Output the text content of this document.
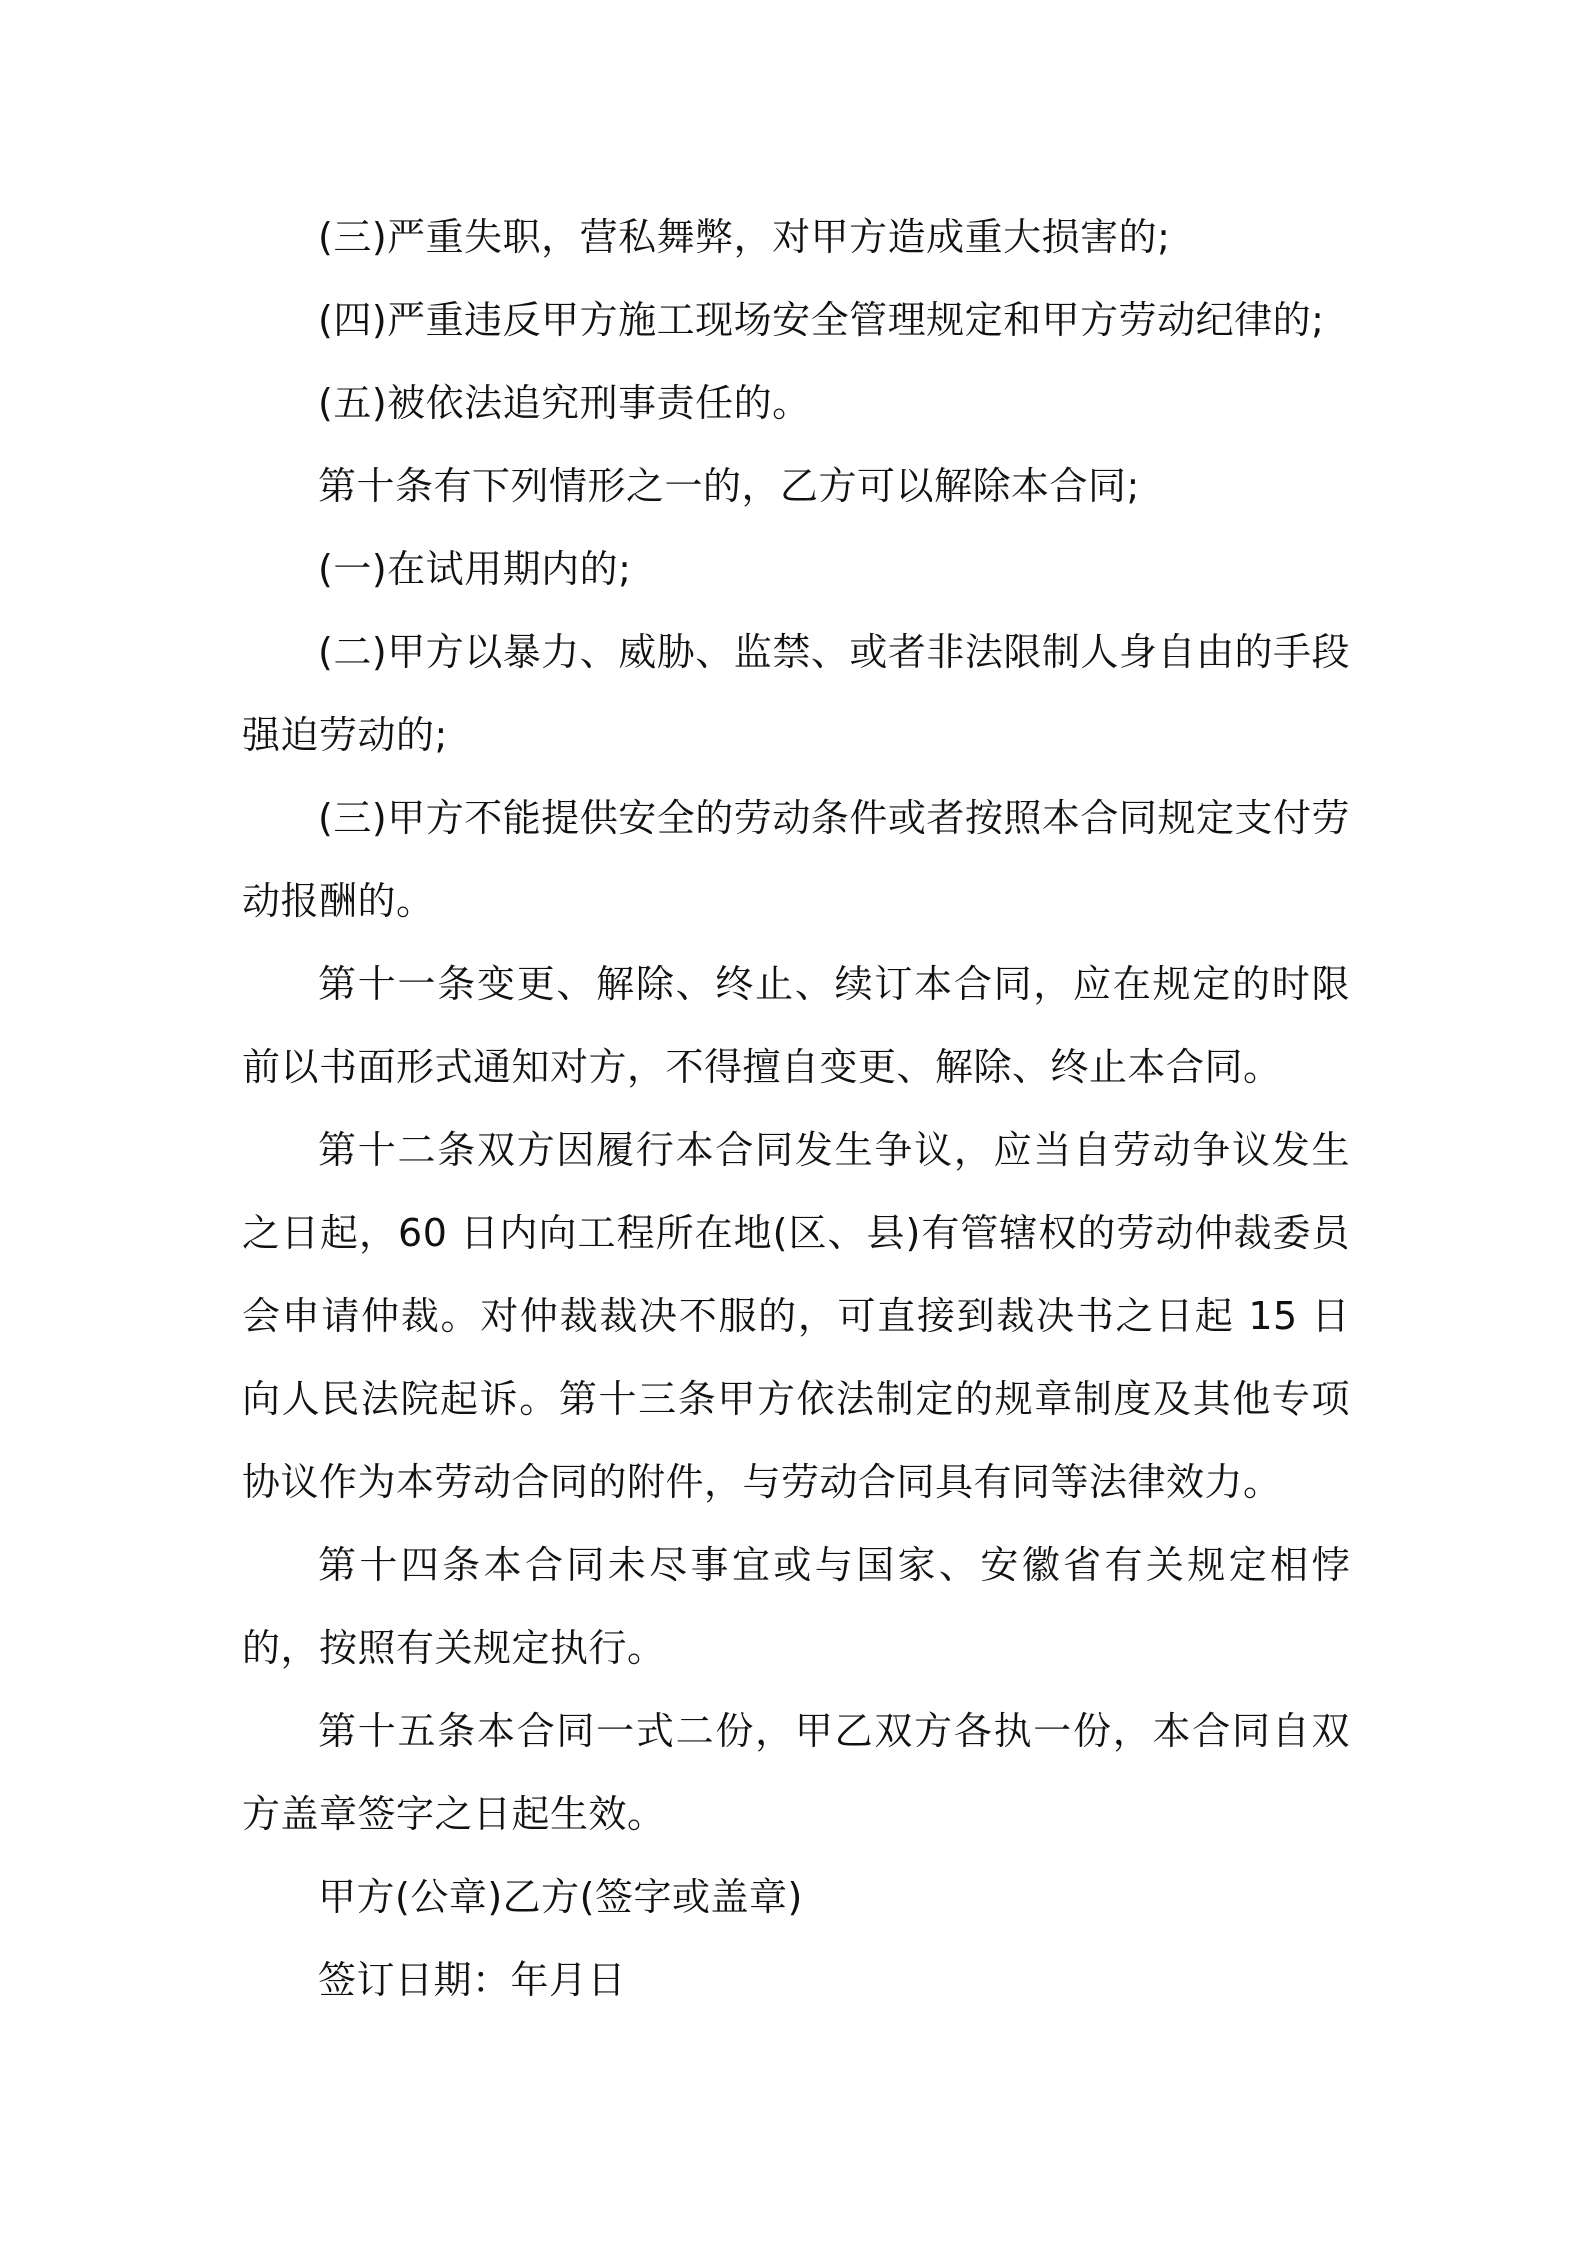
(三)严重失职，营私舞弊，对甲方造成重大损害的;

(四)严重违反甲方施工现场安全管理规定和甲方劳动纪律的;

(五)被依法追究刑事责任的。

第十条有下列情形之一的，乙方可以解除本合同;

(一)在试用期内的;

(二)甲方以暴力、威胁、监禁、或者非法限制人身自由的手段强迫劳动的;

(三)甲方不能提供安全的劳动条件或者按照本合同规定支付劳动报酬的。

第十一条变更、解除、终止、续订本合同，应在规定的时限前以书面形式通知对方，不得擅自变更、解除、终止本合同。

第十二条双方因履行本合同发生争议，应当自劳动争议发生之日起，60 日内向工程所在地(区、县)有管辖权的劳动仲裁委员会申请仲裁。对仲裁裁决不服的，可直接到裁决书之日起 15 日向人民法院起诉。第十三条甲方依法制定的规章制度及其他专项协议作为本劳动合同的附件，与劳动合同具有同等法律效力。

第十四条本合同未尽事宜或与国家、安徽省有关规定相悖的，按照有关规定执行。

第十五条本合同一式二份，甲乙双方各执一份，本合同自双方盖章签字之日起生效。

甲方(公章)乙方(签字或盖章)

签订日期：年月日
